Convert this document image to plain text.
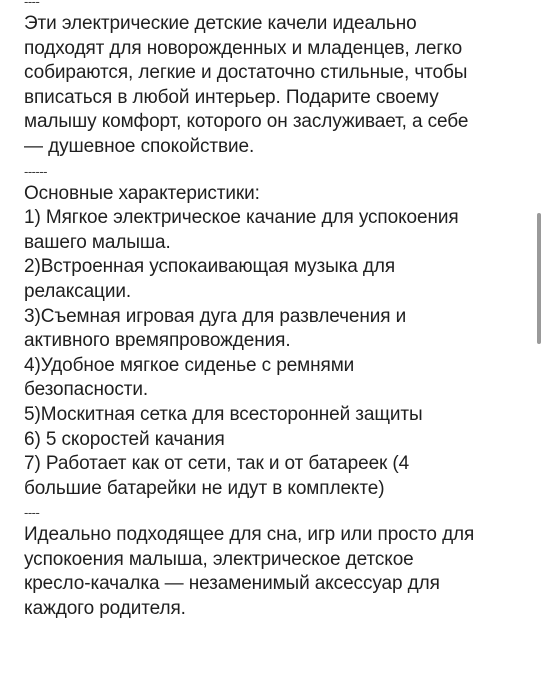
----
Эти электрические детские качели идеально
подходят для новорожденных и младенцев, легко
собираются, легкие и достаточно стильные, чтобы
вписаться в любой интерьер. Подарите своему
малышу комфорт, которого он заслуживает, а себе
— душевное спокойствие.
------
Основные характеристики:
1) Мягкое электрическое качание для успокоения
вашего малыша.
2)Встроенная успокаивающая музыка для
релаксации.
3)Съемная игровая дуга для развлечения и
активного времяпровождения.
4)Удобное мягкое сиденье с ремнями
безопасности.
5)Москитная сетка для всесторонней защиты
6) 5 скоростей качания
7) Работает как от сети, так и от батареек (4
большие батарейки не идут в комплекте)
----
Идеально подходящее для сна, игр или просто для
успокоения малыша, электрическое детское
кресло-качалка — незаменимый аксессуар для
каждого родителя.
